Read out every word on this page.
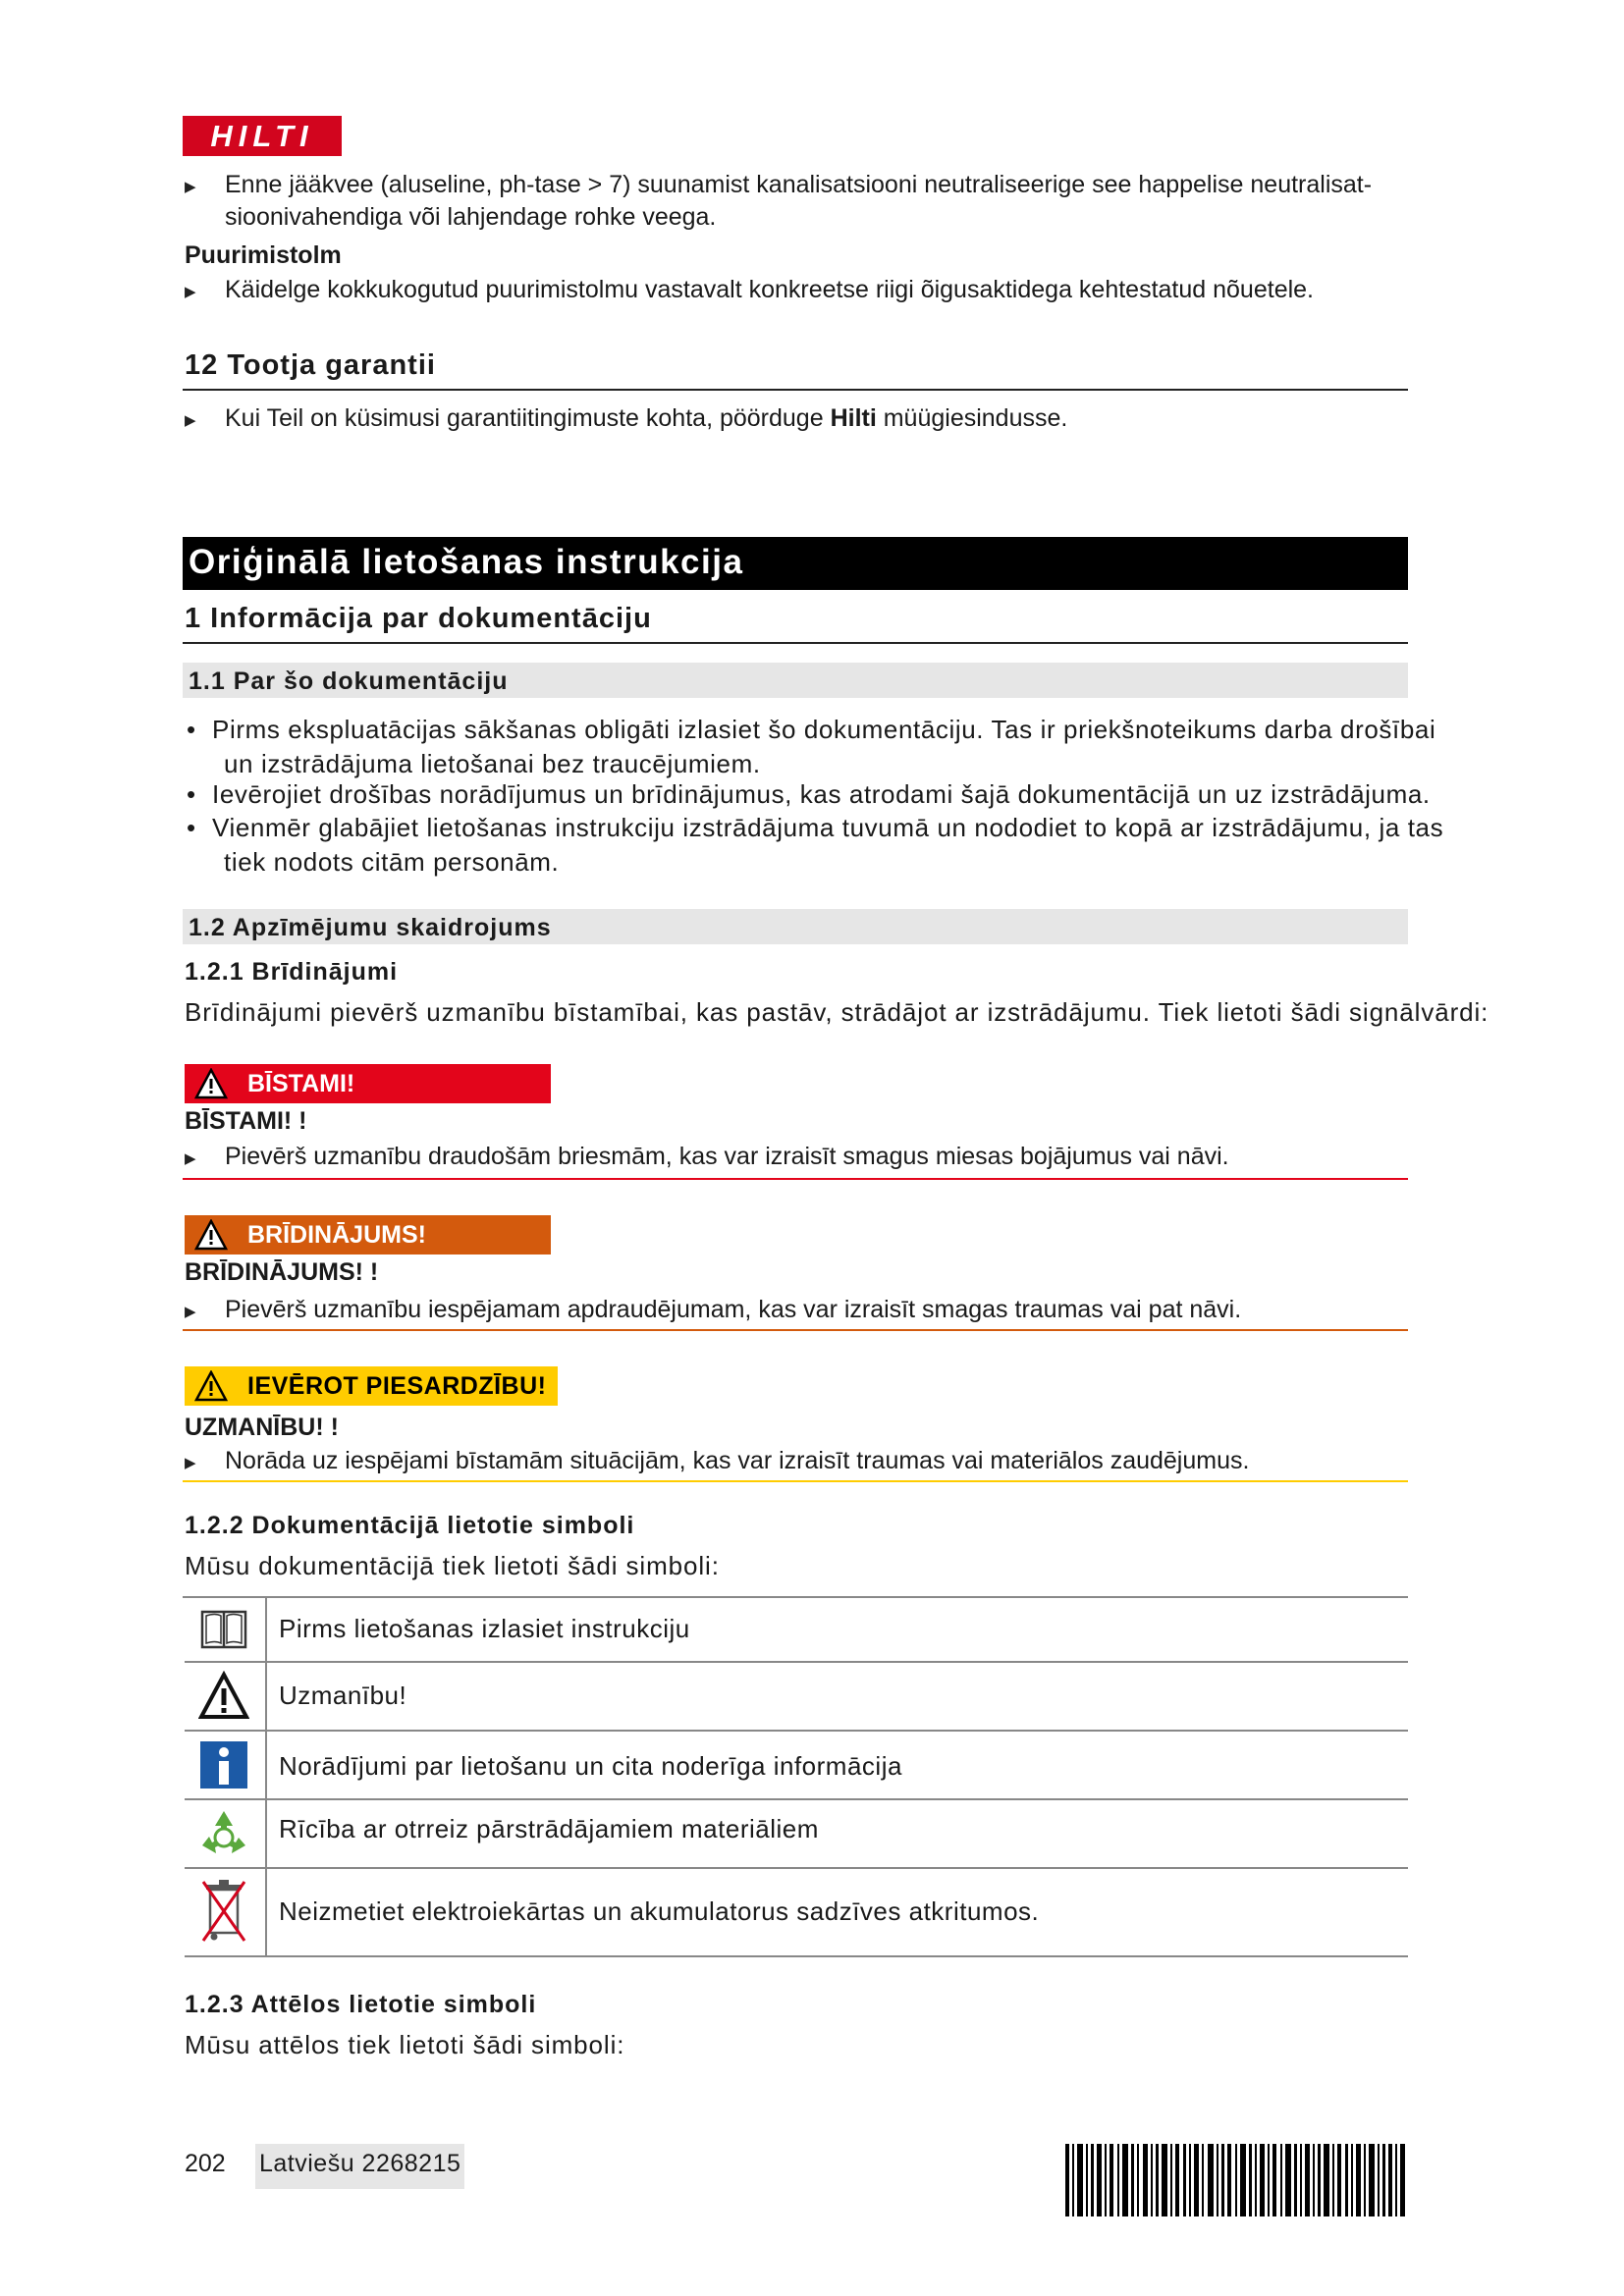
HILTI
▶ Enne jääkvee (aluseline, ph-tase > 7) suunamist kanalisatsiooni neutraliseerige see happelise neutralisat-
sioonivahendiga või lahjendage rohke veega.
Puurimistolm
▶ Käidelge kokkukogutud puurimistolmu vastavalt konkreetse riigi õigusaktidega kehtestatud nõuetele.
12 Tootja garantii
▶ Kui Teil on küsimusi garantiitingimuste kohta, pöörduge Hilti müügiesindusse.
Oriģinālā lietošanas instrukcija
1 Informācija par dokumentāciju
1.1 Par šo dokumentāciju
• Pirms ekspluatācijas sākšanas obligāti izlasiet šo dokumentāciju. Tas ir priekšnoteikums darba drošībai
un izstrādājuma lietošanai bez traucējumiem.
• Ievērojiet drošības norādījumus un brīdinājumus, kas atrodami šajā dokumentācijā un uz izstrādājuma.
• Vienmēr glabājiet lietošanas instrukciju izstrādājuma tuvumā un nododiet to kopā ar izstrādājumu, ja tas
tiek nodots citām personām.
1.2 Apzīmējumu skaidrojums
1.2.1 Brīdinājumi
Brīdinājumi pievērš uzmanību bīstamībai, kas pastāv, strādājot ar izstrādājumu. Tiek lietoti šādi signālvārdi:
BĪSTAMI!
BĪSTAMI! !
▶ Pievērš uzmanību draudošām briesmām, kas var izraisīt smagus miesas bojājumus vai nāvi.
BRĪDINĀJUMS!
BRĪDINĀJUMS! !
▶ Pievērš uzmanību iespējamam apdraudējumam, kas var izraisīt smagas traumas vai pat nāvi.
IEVĒROT PIESARDZĪBU!
UZMANĪBU! !
▶ Norāda uz iespējami bīstamām situācijām, kas var izraisīt traumas vai materiālos zaudējumus.
1.2.2 Dokumentācijā lietotie simboli
Mūsu dokumentācijā tiek lietoti šādi simboli:
Pirms lietošanas izlasiet instrukciju
Uzmanību!
Norādījumi par lietošanu un cita noderīga informācija
Rīcība ar otrreiz pārstrādājamiem materiāliem
Neizmetiet elektroiekārtas un akumulatorus sadzīves atkritumos.
1.2.3 Attēlos lietotie simboli
Mūsu attēlos tiek lietoti šādi simboli:
202 Latviešu 2268215
